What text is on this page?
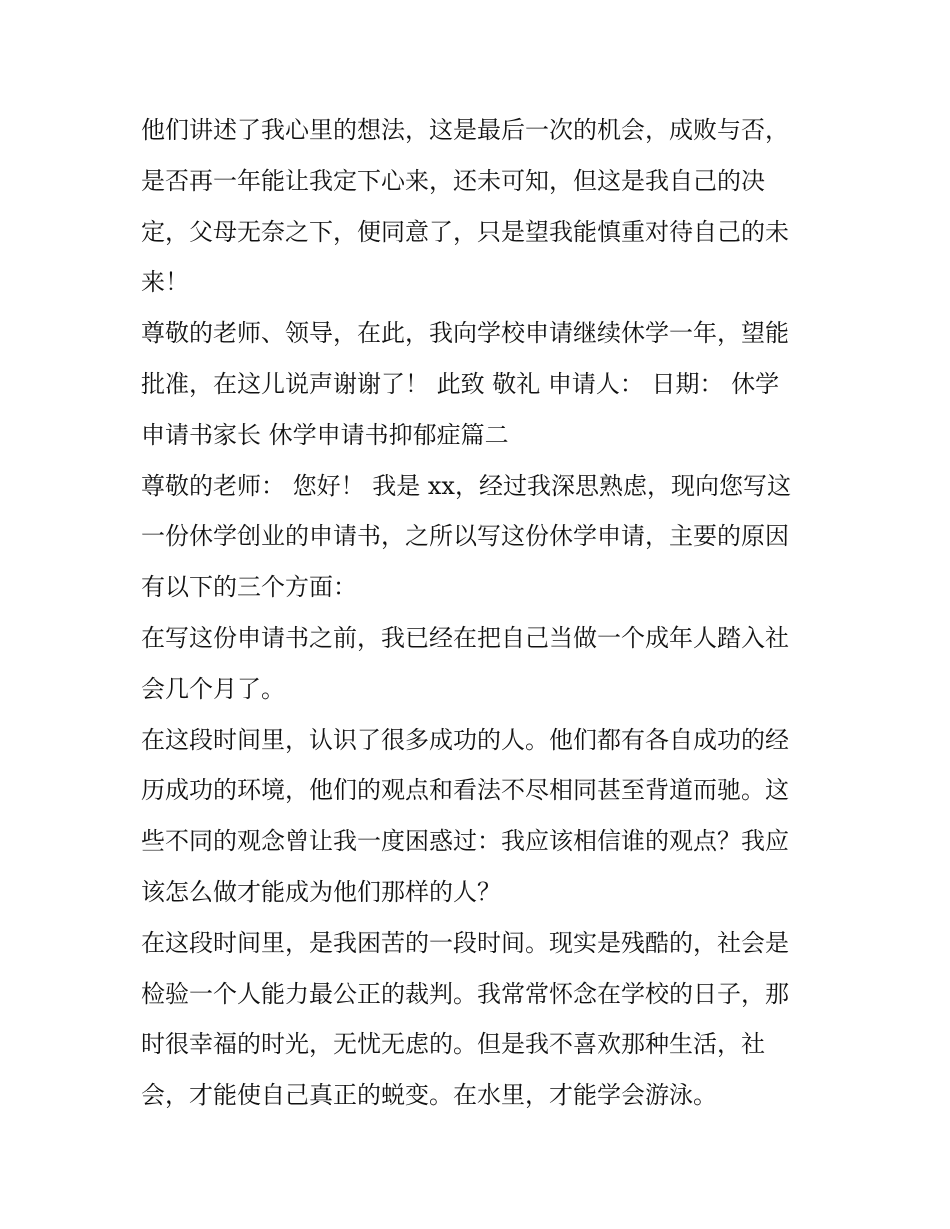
他们讲述了我心里的想法，这是最后一次的机会，成败与否，
是否再一年能让我定下心来，还未可知，但这是我自己的决
定，父母无奈之下，便同意了，只是望我能慎重对待自己的未
来！
尊敬的老师、领导，在此，我向学校申请继续休学一年，望能
批准，在这儿说声谢谢了！ 此致 敬礼 申请人： 日期： 休学
申请书家长 休学申请书抑郁症篇二
尊敬的老师： 您好！ 我是 xx，经过我深思熟虑，现向您写这
一份休学创业的申请书，之所以写这份休学申请，主要的原因
有以下的三个方面：
在写这份申请书之前，我已经在把自己当做一个成年人踏入社
会几个月了。
在这段时间里，认识了很多成功的人。他们都有各自成功的经
历成功的环境，他们的观点和看法不尽相同甚至背道而驰。这
些不同的观念曾让我一度困惑过：我应该相信谁的观点？我应
该怎么做才能成为他们那样的人？
在这段时间里，是我困苦的一段时间。现实是残酷的，社会是
检验一个人能力最公正的裁判。我常常怀念在学校的日子，那
时很幸福的时光，无忧无虑的。但是我不喜欢那种生活，社
会，才能使自己真正的蜕变。在水里，才能学会游泳。
